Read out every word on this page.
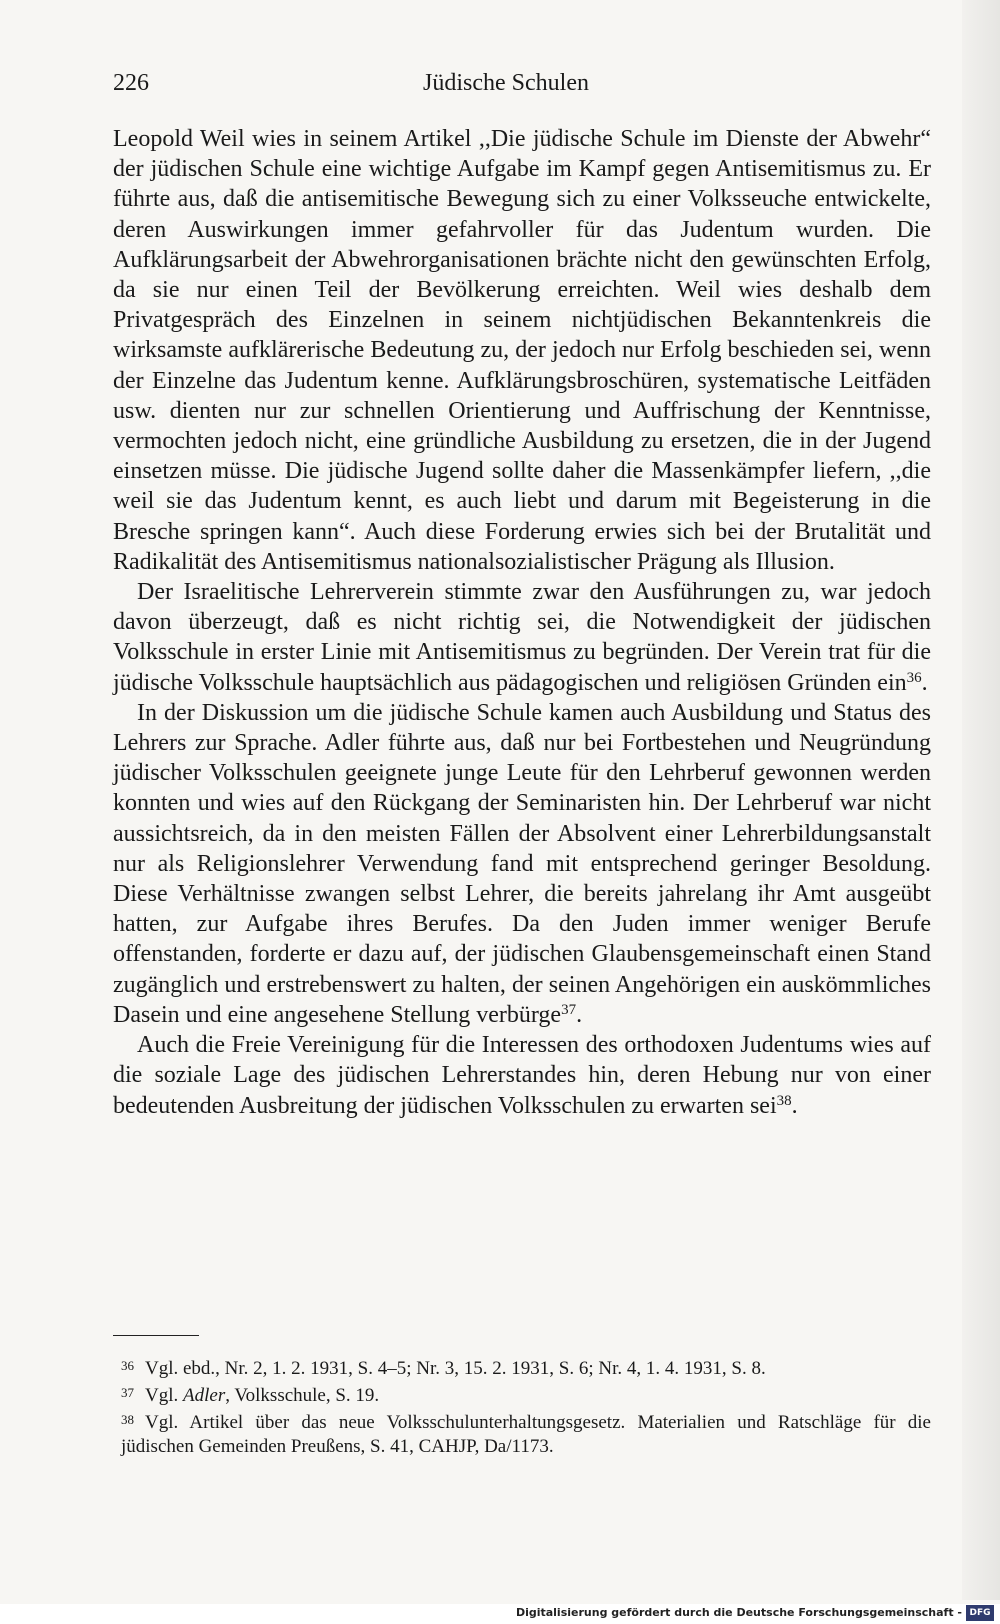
226	Jüdische Schulen

Leopold Weil wies in seinem Artikel ,,Die jüdische Schule im Dienste der Abwehr“ der jüdischen Schule eine wichtige Aufgabe im Kampf gegen Antisemitismus zu. Er führte aus, daß die antisemitische Bewegung sich zu einer Volksseuche entwickelte, deren Auswirkungen immer gefahrvoller für das Judentum wurden. Die Aufklärungsarbeit der Abwehrorganisationen brächte nicht den gewünschten Erfolg, da sie nur einen Teil der Bevölkerung erreichten. Weil wies deshalb dem Privatgespräch des Einzelnen in seinem nichtjüdischen Bekanntenkreis die wirksamste aufklärerische Bedeutung zu, der jedoch nur Erfolg beschieden sei, wenn der Einzelne das Judentum kenne. Aufklärungsbroschüren, systematische Leitfäden usw. dienten nur zur schnellen Orientierung und Auffrischung der Kenntnisse, vermochten jedoch nicht, eine gründliche Ausbildung zu ersetzen, die in der Jugend einsetzen müsse. Die jüdische Jugend sollte daher die Massenkämpfer liefern, ,,die weil sie das Judentum kennt, es auch liebt und darum mit Begeisterung in die Bresche springen kann“. Auch diese Forderung erwies sich bei der Brutalität und Radikalität des Antisemitismus nationalsozialistischer Prägung als Illusion.

Der Israelitische Lehrerverein stimmte zwar den Ausführungen zu, war jedoch davon überzeugt, daß es nicht richtig sei, die Notwendigkeit der jüdischen Volksschule in erster Linie mit Antisemitismus zu begründen. Der Verein trat für die jüdische Volksschule hauptsächlich aus pädagogischen und religiösen Gründen ein$^{36}$.

In der Diskussion um die jüdische Schule kamen auch Ausbildung und Status des Lehrers zur Sprache. Adler führte aus, daß nur bei Fortbestehen und Neugründung jüdischer Volksschulen geeignete junge Leute für den Lehrberuf gewonnen werden konnten und wies auf den Rückgang der Seminaristen hin. Der Lehrberuf war nicht aussichtsreich, da in den meisten Fällen der Absolvent einer Lehrerbildungsanstalt nur als Religionslehrer Verwendung fand mit entsprechend geringer Besoldung. Diese Verhältnisse zwangen selbst Lehrer, die bereits jahrelang ihr Amt ausgeübt hatten, zur Aufgabe ihres Berufes. Da den Juden immer weniger Berufe offenstanden, forderte er dazu auf, der jüdischen Glaubensgemeinschaft einen Stand zugänglich und erstrebenswert zu halten, der seinen Angehörigen ein auskömmliches Dasein und eine angesehene Stellung verbürge$^{37}$.

Auch die Freie Vereinigung für die Interessen des orthodoxen Judentums wies auf die soziale Lage des jüdischen Lehrerstandes hin, deren Hebung nur von einer bedeutenden Ausbreitung der jüdischen Volksschulen zu erwarten sei$^{38}$.

36 Vgl. ebd., Nr. 2, 1. 2. 1931, S. 4–5; Nr. 3, 15. 2. 1931, S. 6; Nr. 4, 1. 4. 1931, S. 8.

37 Vgl. Adler, Volksschule, S. 19.

38 Vgl. Artikel über das neue Volksschulunterhaltungsgesetz. Materialien und Ratschläge für die jüdischen Gemeinden Preußens, S. 41, CAHJP, Da/1173.

Digitalisierung gefördert durch die Deutsche Forschungsgemeinschaft - DFG
